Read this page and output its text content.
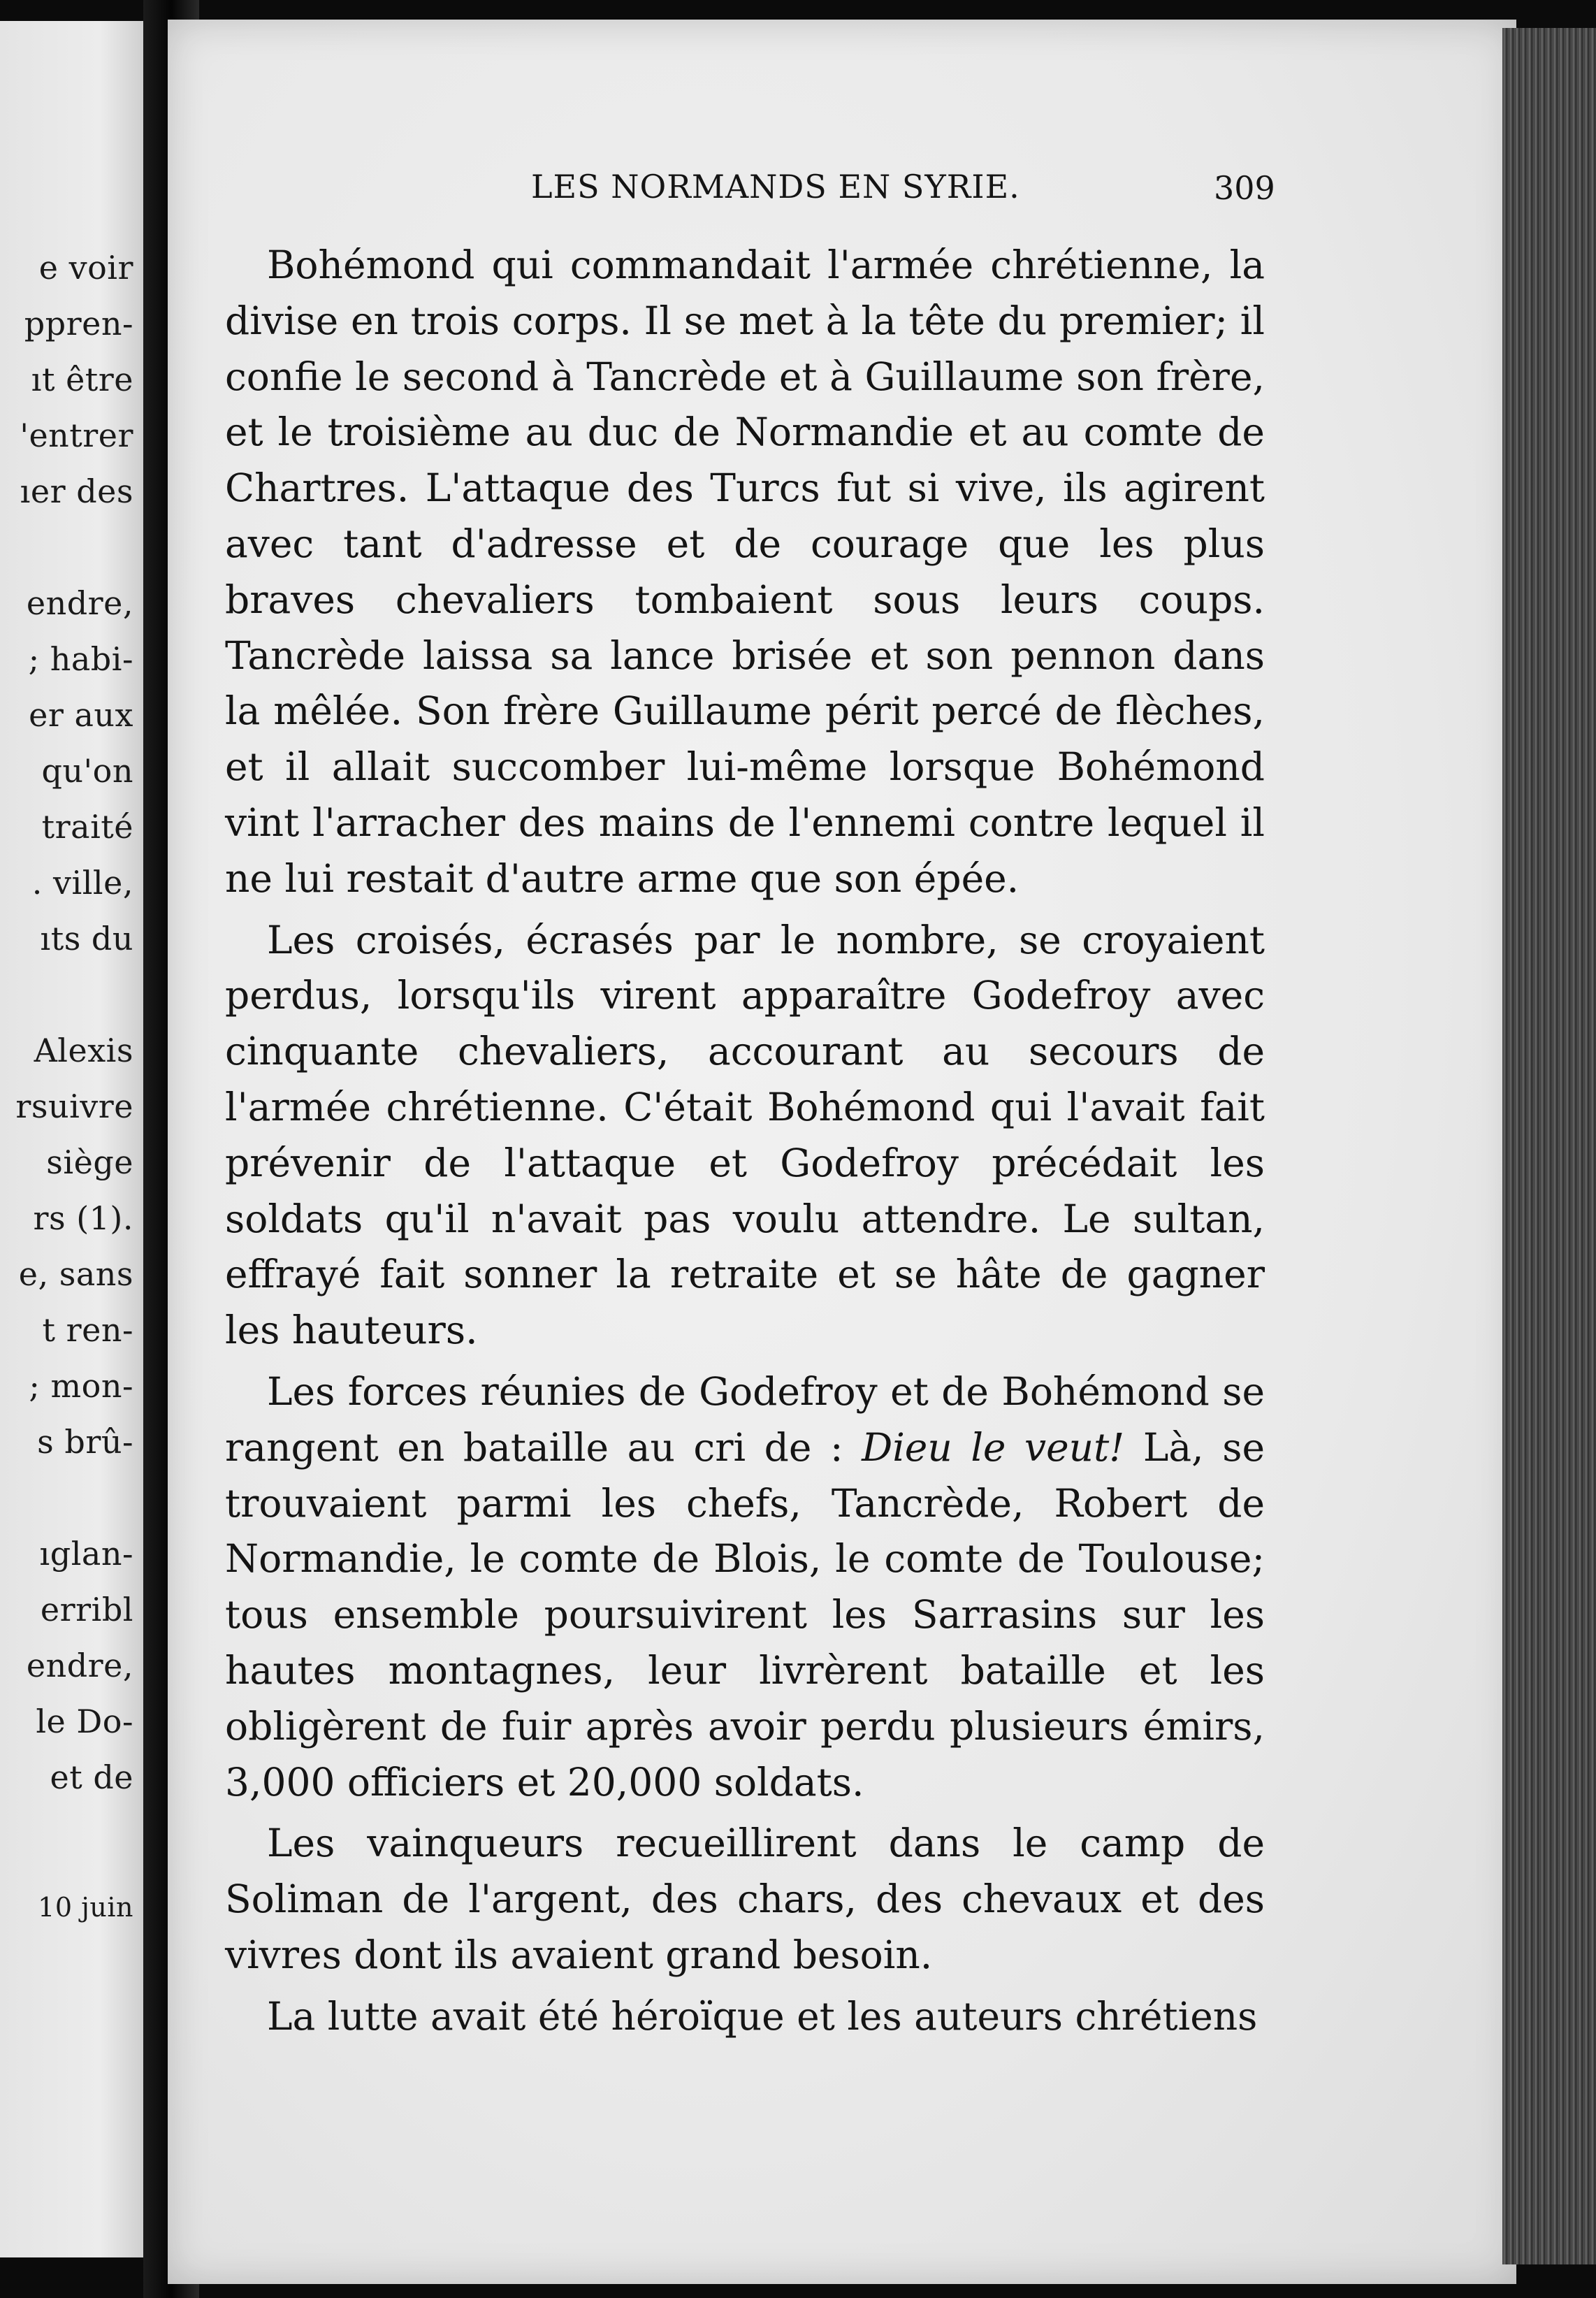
e voir
ppren-
ıt être
'entrer
ıer des
endre,
; habi-
er aux
qu'on
traité
. ville,
ıts du
Alexis
rsuivre
siège
rs (1).
e, sans
t ren-
; mon-
s brû-
ıglan-
erribl
endre,
le Do-
et de
10 juin
LES NORMANDS EN SYRIE.	309

Bohémond qui commandait l'armée chrétienne, la divise en trois corps. Il se met à la tête du premier; il confie le second à Tancrède et à Guillaume son frère, et le troisième au duc de Normandie et au comte de Chartres. L'attaque des Turcs fut si vive, ils agirent avec tant d'adresse et de courage que les plus braves chevaliers tombaient sous leurs coups. Tancrède laissa sa lance brisée et son pennon dans la mêlée. Son frère Guillaume périt percé de flèches, et il allait succomber lui-même lorsque Bohémond vint l'arracher des mains de l'ennemi contre lequel il ne lui restait d'autre arme que son épée.

Les croisés, écrasés par le nombre, se croyaient perdus, lorsqu'ils virent apparaître Godefroy avec cinquante chevaliers, accourant au secours de l'armée chrétienne. C'était Bohémond qui l'avait fait prévenir de l'attaque et Godefroy précédait les soldats qu'il n'avait pas voulu attendre. Le sultan, effrayé fait sonner la retraite et se hâte de gagner les hauteurs.

Les forces réunies de Godefroy et de Bohémond se rangent en bataille au cri de : Dieu le veut! Là, se trouvaient parmi les chefs, Tancrède, Robert de Normandie, le comte de Blois, le comte de Toulouse; tous ensemble poursuivirent les Sarrasins sur les hautes montagnes, leur livrèrent bataille et les obligèrent de fuir après avoir perdu plusieurs émirs, 3,000 officiers et 20,000 soldats.

Les vainqueurs recueillirent dans le camp de Soliman de l'argent, des chars, des chevaux et des vivres dont ils avaient grand besoin.

La lutte avait été héroïque et les auteurs chrétiens
